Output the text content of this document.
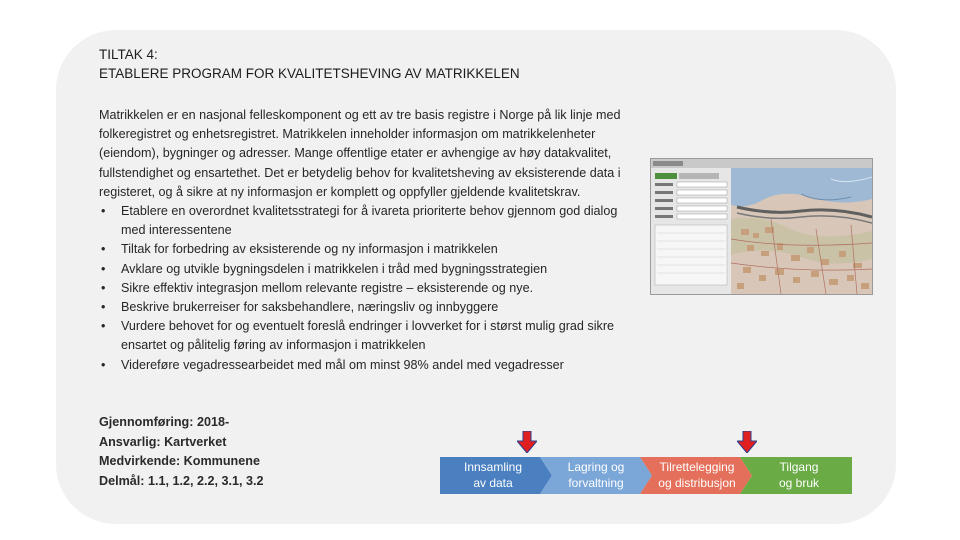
TILTAK 4:
ETABLERE PROGRAM FOR KVALITETSHEVING AV MATRIKKELEN

Matrikkelen er en nasjonal felleskomponent og ett av tre basis registre i Norge på lik linje med folkeregistret og enhetsregistret. Matrikkelen inneholder informasjon om matrikkelenheter (eiendom), bygninger og adresser. Mange offentlige etater er avhengige av høy datakvalitet, fullstendighet og ensartethet. Det er betydelig behov for kvalitetsheving av eksisterende data i registeret, og å sikre at ny informasjon er komplett og oppfyller gjeldende kvalitetskrav.

• Etablere en overordnet kvalitetsstrategi for å ivareta prioriterte behov gjennom god dialog med interessentene
• Tiltak for forbedring av eksisterende og ny informasjon i matrikkelen
• Avklare og utvikle bygningsdelen i matrikkelen i tråd med bygningsstrategien
• Sikre effektiv integrasjon mellom relevante registre – eksisterende og nye.
• Beskrive brukerreiser for saksbehandlere, næringsliv og innbyggere
• Vurdere behovet for og eventuelt foreslå endringer i lovverket for i størst mulig grad sikre ensartet og pålitelig føring av informasjon i matrikkelen
• Videreføre vegadressearbeidet med mål om minst 98% andel med vegadresser
Gjennomføring: 2018-
Ansvarlig: Kartverket
Medvirkende: Kommunene
Delmål: 1.1, 1.2, 2.2, 3.1, 3.2
Innsamling
av data
Lagring og
forvaltning
Tilrettelegging
og distribusjon
Tilgang
og bruk
